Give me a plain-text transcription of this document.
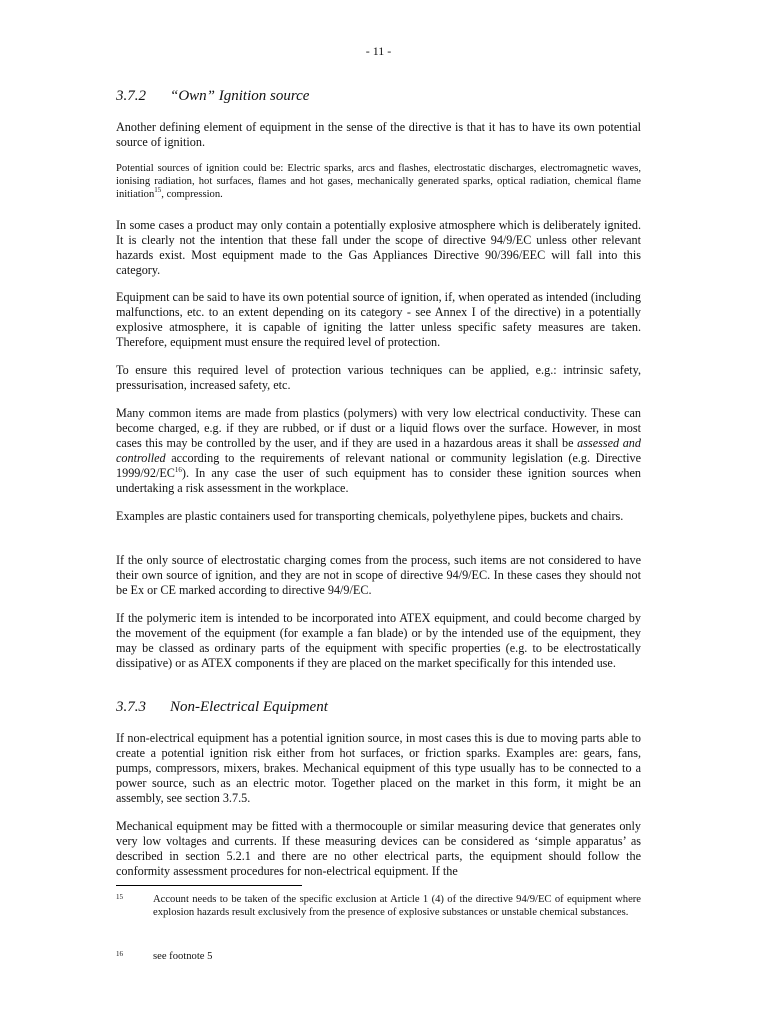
- 11 -
3.7.2 “Own” Ignition source

Another defining element of equipment in the sense of the directive is that it has to have its own potential source of ignition.

Potential sources of ignition could be: Electric sparks, arcs and flashes, electrostatic discharges, electromagnetic waves, ionising radiation, hot surfaces, flames and hot gases, mechanically generated sparks, optical radiation, chemical flame initiation$^{15}$, compression.

In some cases a product may only contain a potentially explosive atmosphere which is deliberately ignited. It is clearly not the intention that these fall under the scope of directive 94/9/EC unless other relevant hazards exist. Most equipment made to the Gas Appliances Directive 90/396/EEC will fall into this category.

Equipment can be said to have its own potential source of ignition, if, when operated as intended (including malfunctions, etc. to an extent depending on its category - see Annex I of the directive) in a potentially explosive atmosphere, it is capable of igniting the latter unless specific safety measures are taken. Therefore, equipment must ensure the required level of protection.

To ensure this required level of protection various techniques can be applied, e.g.: intrinsic safety, pressurisation, increased safety, etc.

Many common items are made from plastics (polymers) with very low electrical conductivity. These can become charged, e.g. if they are rubbed, or if dust or a liquid flows over the surface. However, in most cases this may be controlled by the user, and if they are used in a hazardous areas it shall be assessed and controlled according to the requirements of relevant national or community legislation (e.g. Directive 1999/92/EC$^{16}$). In any case the user of such equipment has to consider these ignition sources when undertaking a risk assessment in the workplace.

Examples are plastic containers used for transporting chemicals, polyethylene pipes, buckets and chairs.

If the only source of electrostatic charging comes from the process, such items are not considered to have their own source of ignition, and they are not in scope of directive 94/9/EC. In these cases they should not be Ex or CE marked according to directive 94/9/EC.

If the polymeric item is intended to be incorporated into ATEX equipment, and could become charged by the movement of the equipment (for example a fan blade) or by the intended use of the equipment, they may be classed as ordinary parts of the equipment with specific properties (e.g. to be electrostatically dissipative) or as ATEX components if they are placed on the market specifically for this intended use.

3.7.3 Non-Electrical Equipment

If non-electrical equipment has a potential ignition source, in most cases this is due to moving parts able to create a potential ignition risk either from hot surfaces, or friction sparks. Examples are: gears, fans, pumps, compressors, mixers, brakes. Mechanical equipment of this type usually has to be connected to a power source, such as an electric motor. Together placed on the market in this form, it might be an assembly, see section 3.7.5.

Mechanical equipment may be fitted with a thermocouple or similar measuring device that generates only very low voltages and currents. If these measuring devices can be considered as ‘simple apparatus’ as described in section 5.2.1 and there are no other electrical parts, the equipment should follow the conformity assessment procedures for non-electrical equipment. If the

15	Account needs to be taken of the specific exclusion at Article 1 (4) of the directive 94/9/EC of equipment where explosion hazards result exclusively from the presence of explosive substances or unstable chemical substances.
16	see footnote 5
